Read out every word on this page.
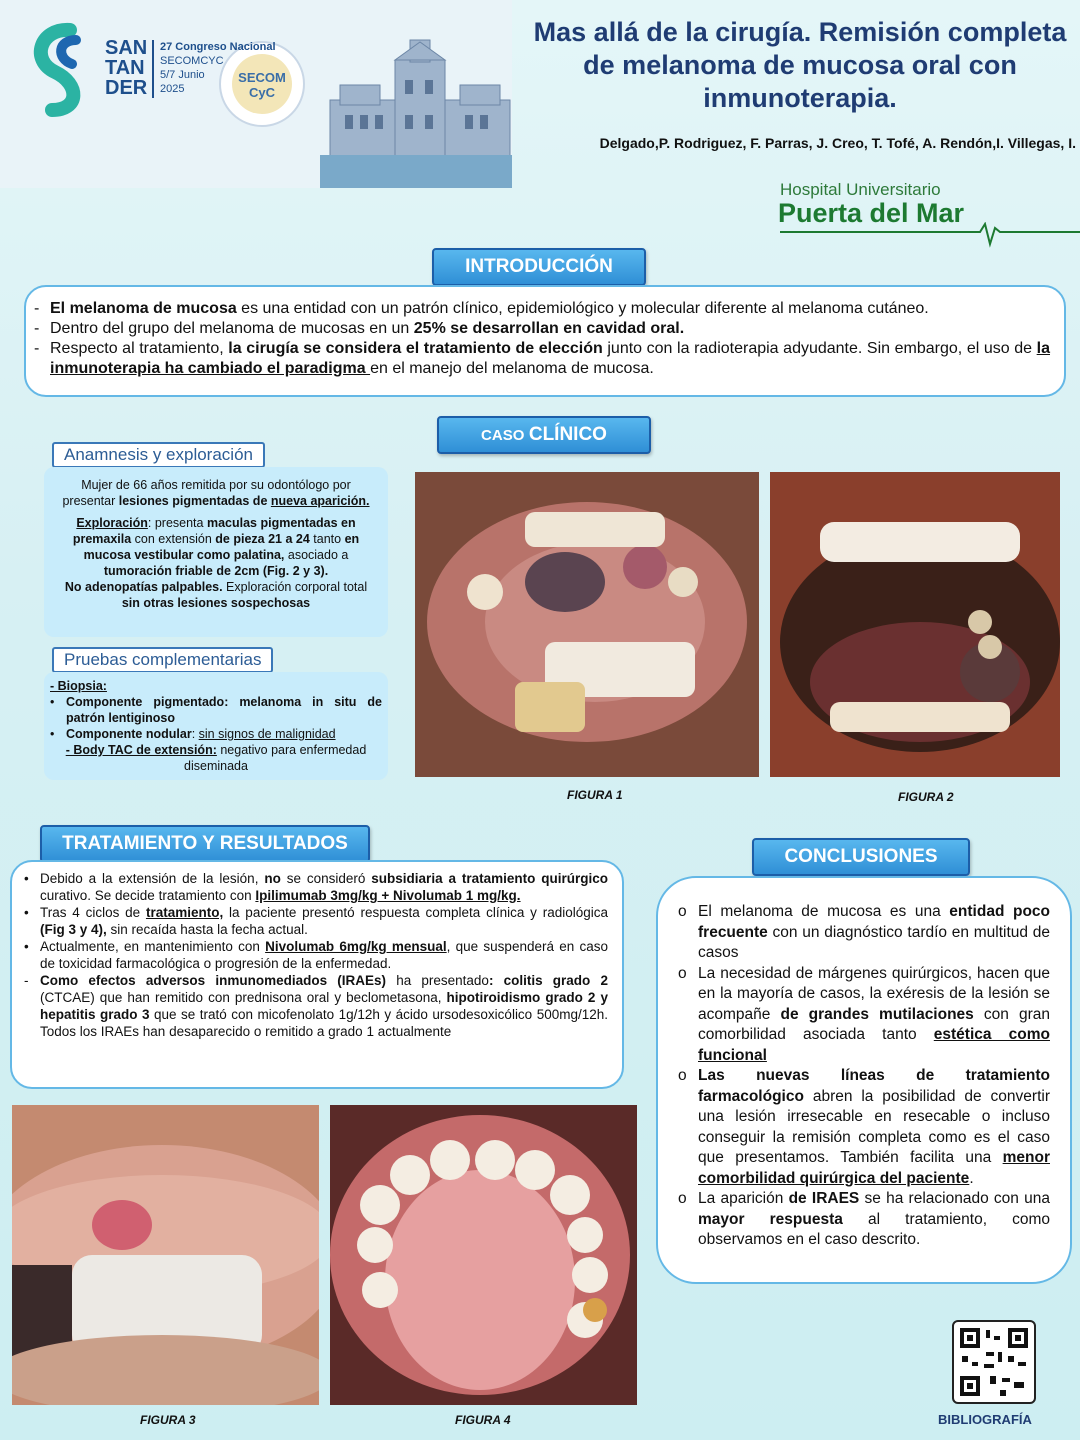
SAN
TAN
DER
27 Congreso Nacional
SECOMCYC
5/7 Junio
2025
SECOM CyC
Mas allá de la cirugía. Remisión completa de melanoma de mucosa oral con inmunoterapia.
Delgado,P. Rodriguez, F. Parras, J. Creo, T. Tofé, A. Rendón,I. Villegas, I.
Hospital Universitario
Puerta del Mar
INTRODUCCIÓN
- El melanoma de mucosa es una entidad con un patrón clínico, epidemiológico y molecular diferente al melanoma cutáneo.
- Dentro del grupo del melanoma de mucosas en un 25% se desarrollan en cavidad oral.
- Respecto al tratamiento, la cirugía se considera el tratamiento de elección junto con la radioterapia adyudante. Sin embargo, el uso de la inmunoterapia ha cambiado el paradigma en el manejo del melanoma de mucosa.
CASO CLÍNICO
Anamnesis y exploración
Mujer de 66 años remitida por su odontólogo por presentar lesiones pigmentadas de nueva aparición.
Exploración: presenta maculas pigmentadas en premaxila con extensión de pieza 21 a 24 tanto en mucosa vestibular como palatina, asociado a tumoración friable de 2cm (Fig. 2 y 3).
No adenopatías palpables. Exploración corporal total sin otras lesiones sospechosas
Pruebas complementarias
- Biopsia:
• Componente pigmentado: melanoma in situ de patrón lentiginoso
• Componente nodular: sin signos de malignidad
- Body TAC de extensión: negativo para enfermedad diseminada
FIGURA 1	FIGURA 2
TRATAMIENTO Y RESULTADOS
• Debido a la extensión de la lesión, no se consideró subsidiaria a tratamiento quirúrgico curativo. Se decide tratamiento con Ipilimumab 3mg/kg + Nivolumab 1 mg/kg.
• Tras 4 ciclos de tratamiento, la paciente presentó respuesta completa clínica y radiológica (Fig 3 y 4), sin recaída hasta la fecha actual.
• Actualmente, en mantenimiento con Nivolumab 6mg/kg mensual, que suspenderá en caso de toxicidad farmacológica o progresión de la enfermedad.
- Como efectos adversos inmunomediados (IRAEs) ha presentado: colitis grado 2 (CTCAE) que han remitido con prednisona oral y beclometasona, hipotiroidismo grado 2 y hepatitis grado 3 que se trató con micofenolato 1g/12h y ácido ursodesoxicólico 500mg/12h. Todos los IRAEs han desaparecido o remitido a grado 1 actualmente
FIGURA 3	FIGURA 4
CONCLUSIONES
o El melanoma de mucosa es una entidad poco frecuente con un diagnóstico tardío en multitud de casos
o La necesidad de márgenes quirúrgicos, hacen que en la mayoría de casos, la exéresis de la lesión se acompañe de grandes mutilaciones con gran comorbilidad asociada tanto estética como funcional
o Las nuevas líneas de tratamiento farmacológico abren la posibilidad de convertir una lesión irresecable en resecable o incluso conseguir la remisión completa como es el caso que presentamos. También facilita una menor comorbilidad quirúrgica del paciente.
o La aparición de IRAES se ha relacionado con una mayor respuesta al tratamiento, como observamos en el caso descrito.
BIBLIOGRAFÍA
